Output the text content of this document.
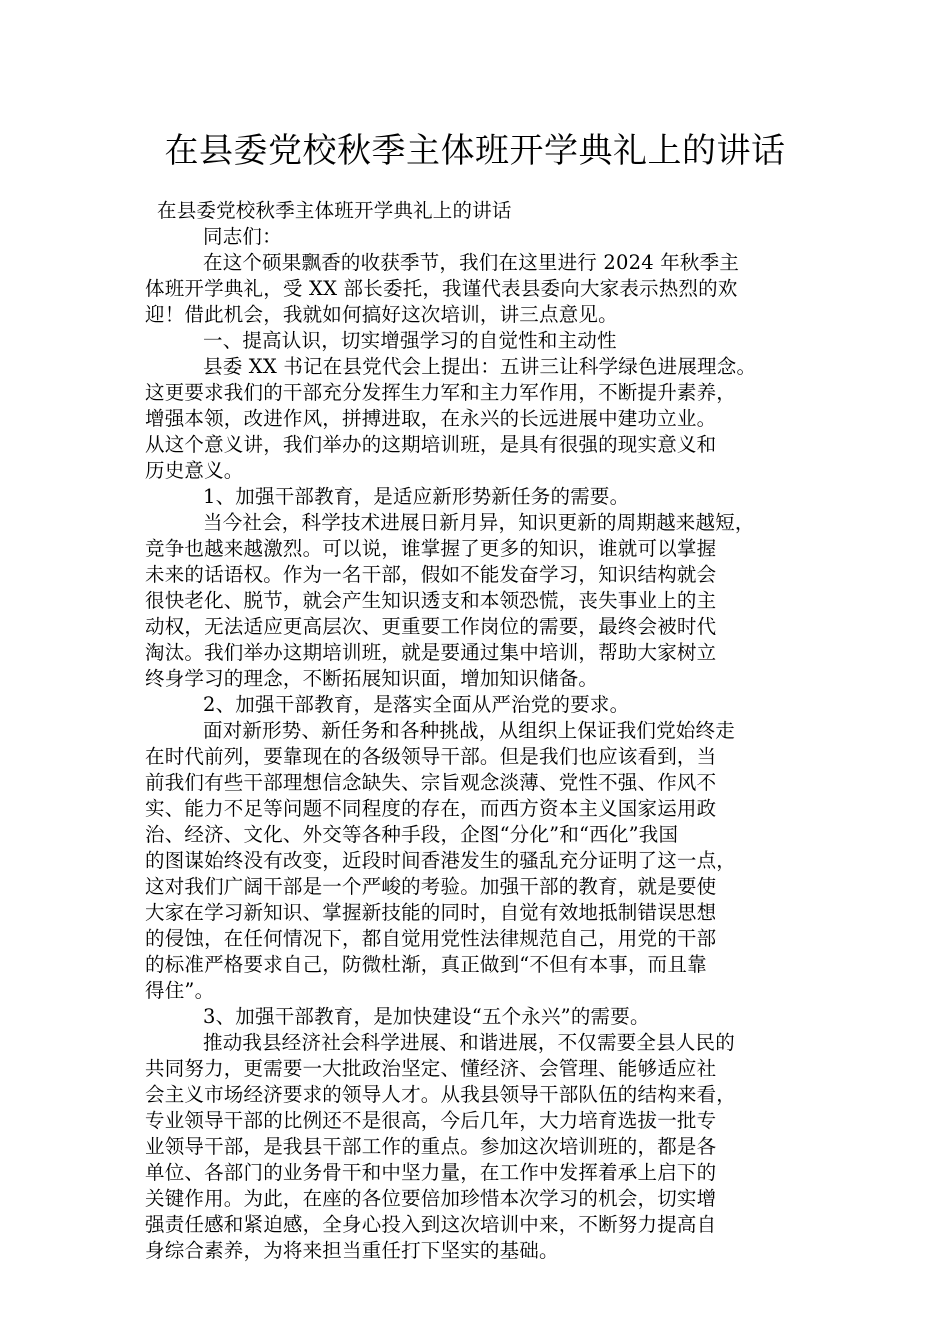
在县委党校秋季主体班开学典礼上的讲话
在县委党校秋季主体班开学典礼上的讲话
同志们：
在这个硕果飘香的收获季节，我们在这里进行 2024 年秋季主
体班开学典礼，受 XX 部长委托，我谨代表县委向大家表示热烈的欢
迎！借此机会，我就如何搞好这次培训，讲三点意见。
一、提高认识，切实增强学习的自觉性和主动性
县委 XX 书记在县党代会上提出：五讲三让科学绿色进展理念。
这更要求我们的干部充分发挥生力军和主力军作用，不断提升素养，
增强本领，改进作风，拼搏进取，在永兴的长远进展中建功立业。
从这个意义讲，我们举办的这期培训班，是具有很强的现实意义和
历史意义。
1、加强干部教育，是适应新形势新任务的需要。
当今社会，科学技术进展日新月异，知识更新的周期越来越短，
竞争也越来越激烈。可以说，谁掌握了更多的知识，谁就可以掌握
未来的话语权。作为一名干部，假如不能发奋学习，知识结构就会
很快老化、脱节，就会产生知识透支和本领恐慌，丧失事业上的主
动权，无法适应更高层次、更重要工作岗位的需要，最终会被时代
淘汰。我们举办这期培训班，就是要通过集中培训，帮助大家树立
终身学习的理念，不断拓展知识面，增加知识储备。
2、加强干部教育，是落实全面从严治党的要求。
面对新形势、新任务和各种挑战，从组织上保证我们党始终走
在时代前列，要靠现在的各级领导干部。但是我们也应该看到，当
前我们有些干部理想信念缺失、宗旨观念淡薄、党性不强、作风不
实、能力不足等问题不同程度的存在，而西方资本主义国家运用政
治、经济、文化、外交等各种手段，企图“分化”和“西化”我国
的图谋始终没有改变，近段时间香港发生的骚乱充分证明了这一点，
这对我们广阔干部是一个严峻的考验。加强干部的教育，就是要使
大家在学习新知识、掌握新技能的同时，自觉有效地抵制错误思想
的侵蚀，在任何情况下，都自觉用党性法律规范自己，用党的干部
的标准严格要求自己，防微杜渐，真正做到“不但有本事，而且靠
得住”。
3、加强干部教育，是加快建设“五个永兴”的需要。
推动我县经济社会科学进展、和谐进展，不仅需要全县人民的
共同努力，更需要一大批政治坚定、懂经济、会管理、能够适应社
会主义市场经济要求的领导人才。从我县领导干部队伍的结构来看，
专业领导干部的比例还不是很高，今后几年，大力培育选拔一批专
业领导干部，是我县干部工作的重点。参加这次培训班的，都是各
单位、各部门的业务骨干和中坚力量，在工作中发挥着承上启下的
关键作用。为此，在座的各位要倍加珍惜本次学习的机会，切实增
强责任感和紧迫感，全身心投入到这次培训中来，不断努力提高自
身综合素养，为将来担当重任打下坚实的基础。
